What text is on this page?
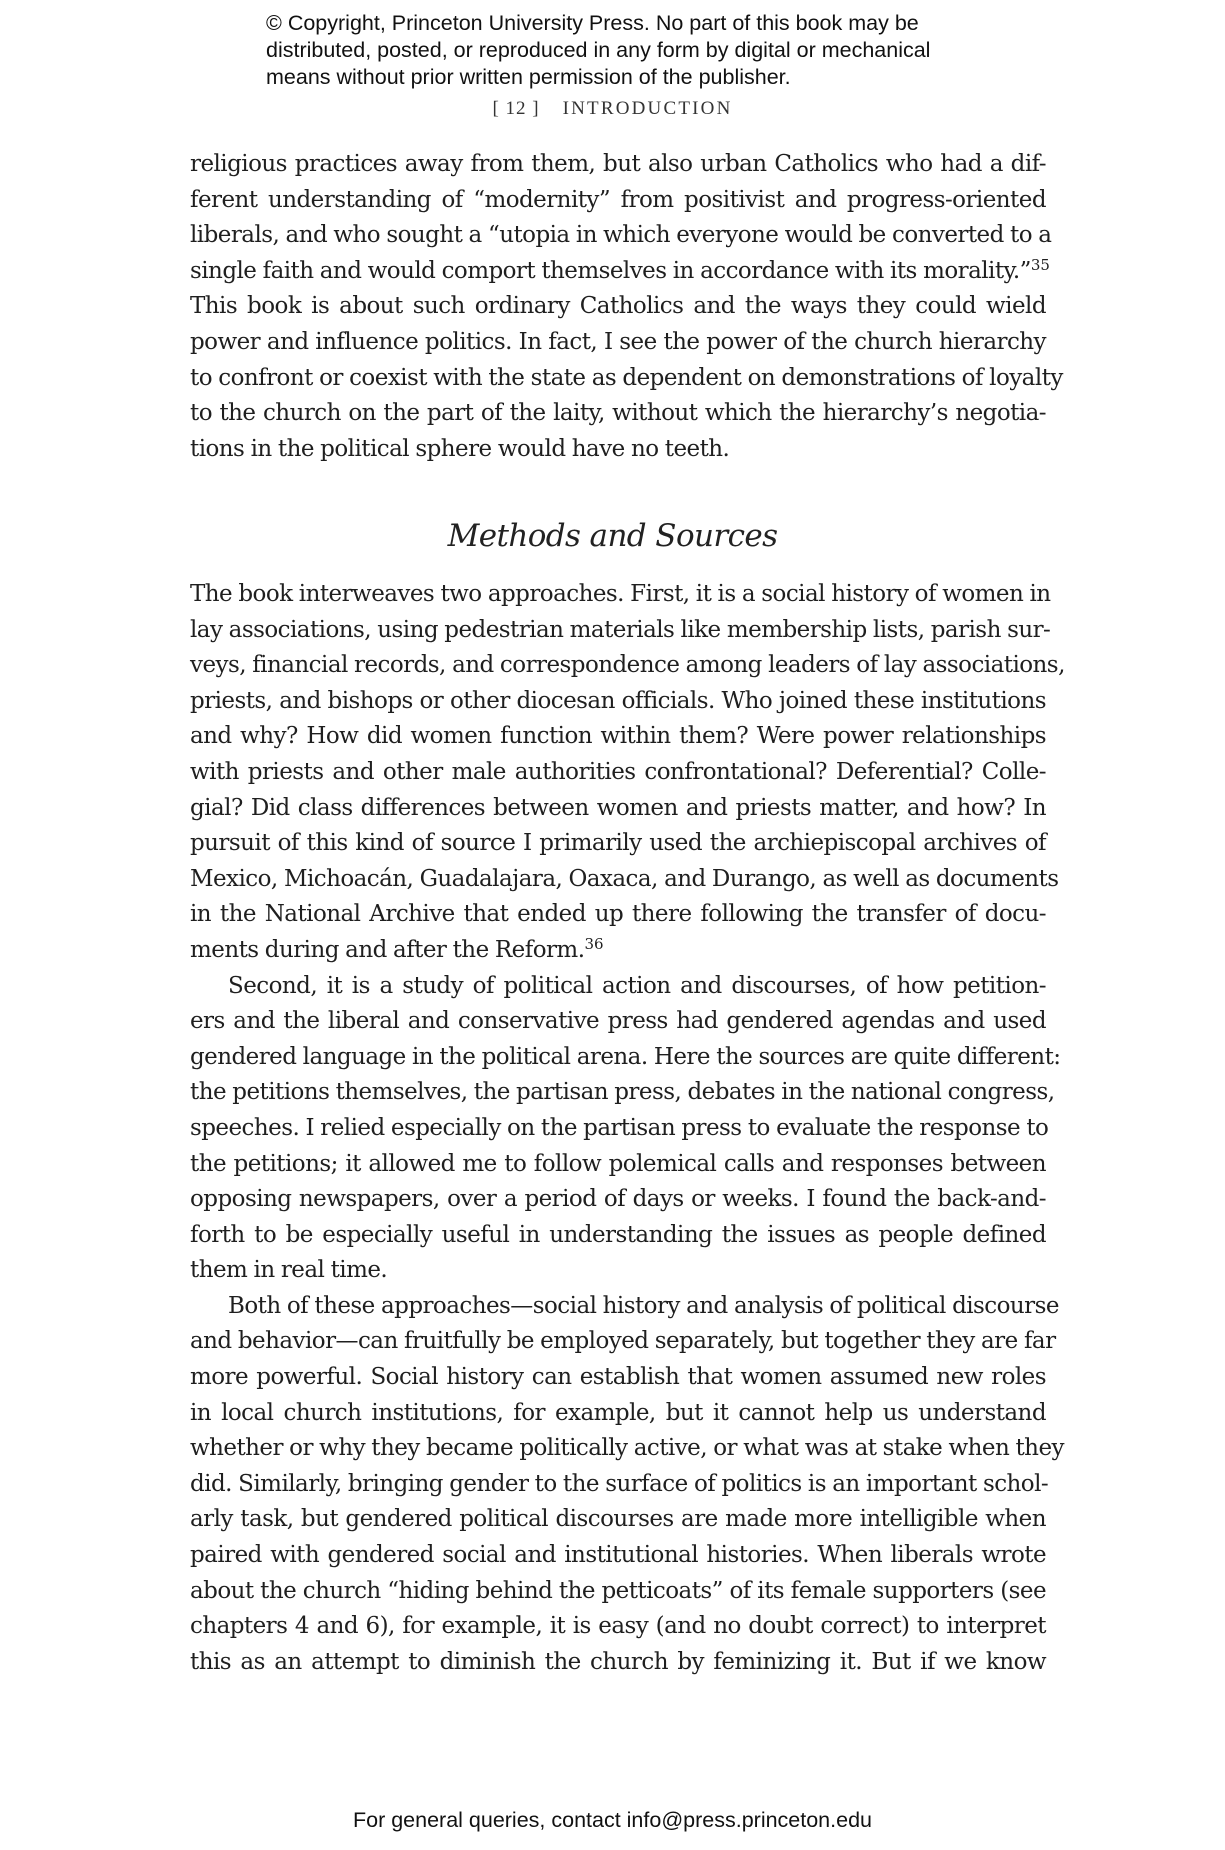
© Copyright, Princeton University Press. No part of this book may be
distributed, posted, or reproduced in any form by digital or mechanical
means without prior written permission of the publisher.
[ 12 ] INTRODUCTION
religious practices away from them, but also urban Catholics who had a dif-
ferent understanding of “modernity” from positivist and progress-oriented
liberals, and who sought a “utopia in which everyone would be converted to a
single faith and would comport themselves in accordance with its morality.”$^{35}$
This book is about such ordinary Catholics and the ways they could wield
power and influence politics. In fact, I see the power of the church hierarchy
to confront or coexist with the state as dependent on demonstrations of loyalty
to the church on the part of the laity, without which the hierarchy’s negotia-
tions in the political sphere would have no teeth.
Methods and Sources
The book interweaves two approaches. First, it is a social history of women in
lay associations, using pedestrian materials like membership lists, parish sur-
veys, financial records, and correspondence among leaders of lay associations,
priests, and bishops or other diocesan officials. Who joined these institutions
and why? How did women function within them? Were power relationships
with priests and other male authorities confrontational? Deferential? Colle-
gial? Did class differences between women and priests matter, and how? In
pursuit of this kind of source I primarily used the archiepiscopal archives of
Mexico, Michoacán, Guadalajara, Oaxaca, and Durango, as well as documents
in the National Archive that ended up there following the transfer of docu-
ments during and after the Reform.$^{36}$
Second, it is a study of political action and discourses, of how petition-
ers and the liberal and conservative press had gendered agendas and used
gendered language in the political arena. Here the sources are quite different:
the petitions themselves, the partisan press, debates in the national congress,
speeches. I relied especially on the partisan press to evaluate the response to
the petitions; it allowed me to follow polemical calls and responses between
opposing newspapers, over a period of days or weeks. I found the back-and-
forth to be especially useful in understanding the issues as people defined
them in real time.
Both of these approaches—social history and analysis of political discourse
and behavior—can fruitfully be employed separately, but together they are far
more powerful. Social history can establish that women assumed new roles
in local church institutions, for example, but it cannot help us understand
whether or why they became politically active, or what was at stake when they
did. Similarly, bringing gender to the surface of politics is an important schol-
arly task, but gendered political discourses are made more intelligible when
paired with gendered social and institutional histories. When liberals wrote
about the church “hiding behind the petticoats” of its female supporters (see
chapters 4 and 6), for example, it is easy (and no doubt correct) to interpret
this as an attempt to diminish the church by feminizing it. But if we know
For general queries, contact info@press.princeton.edu
